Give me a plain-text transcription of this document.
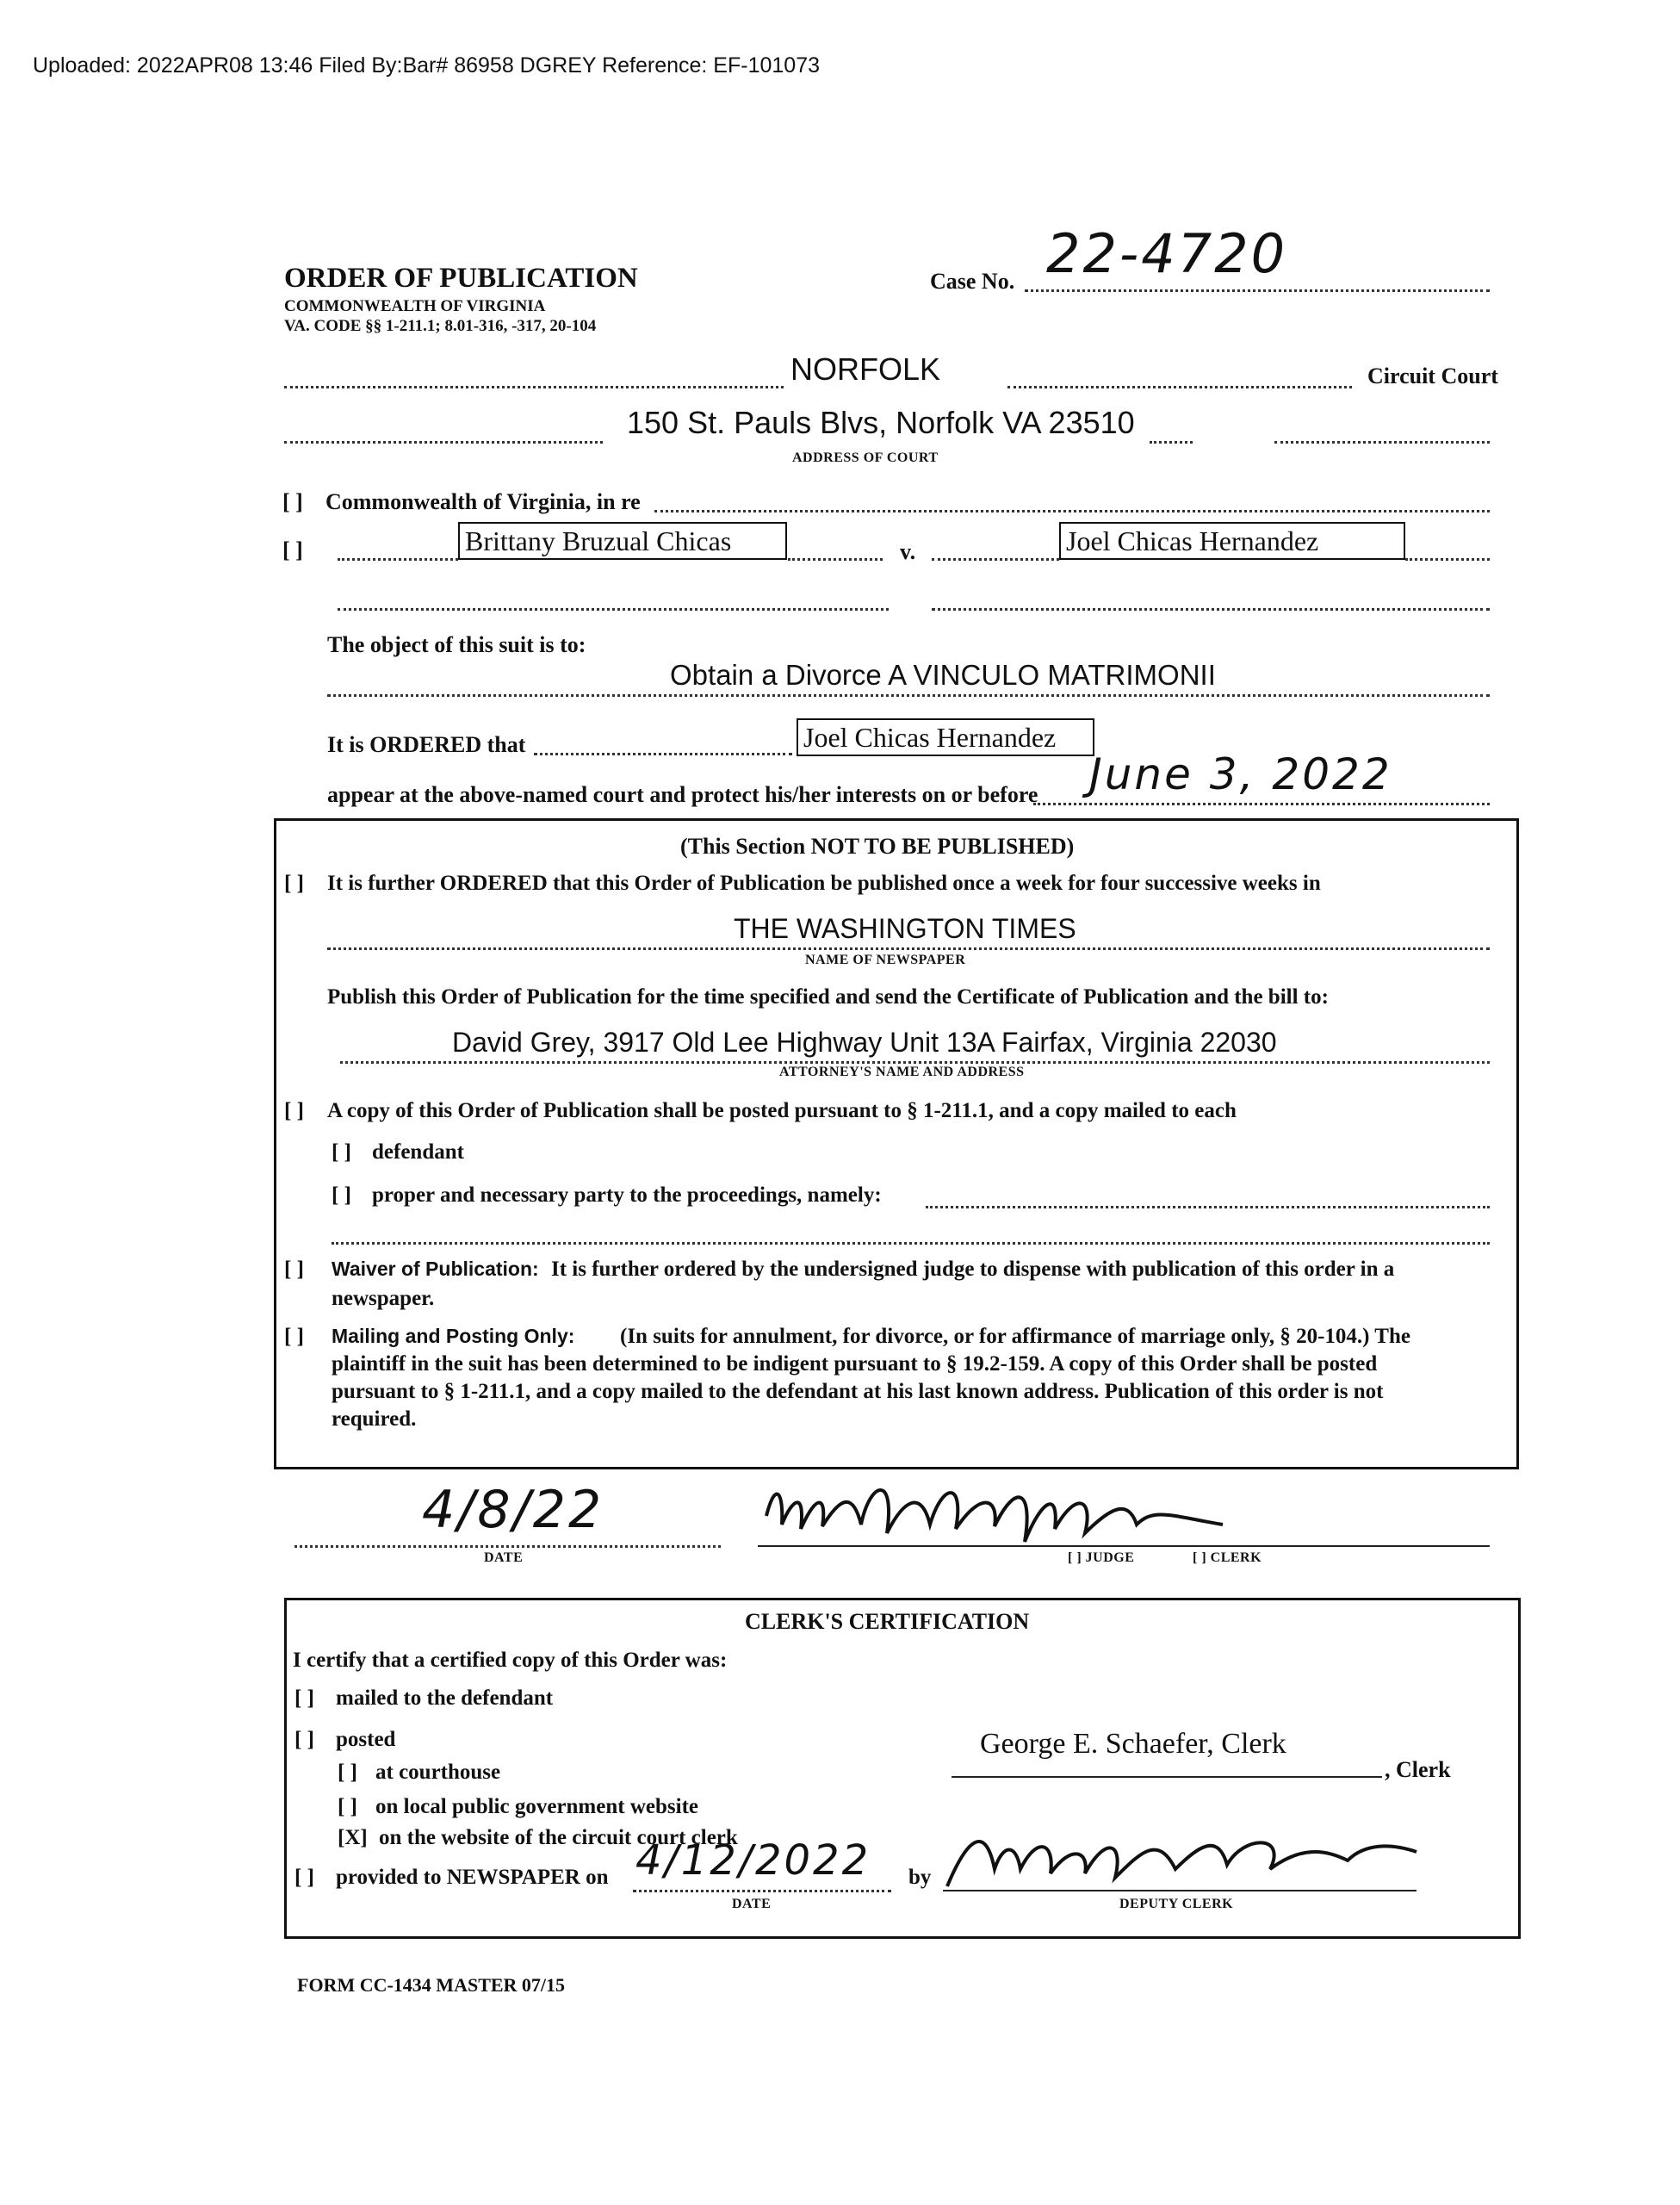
Uploaded: 2022APR08 13:46 Filed By:Bar# 86958 DGREY Reference: EF-101073
ORDER OF PUBLICATION
COMMONWEALTH OF VIRGINIA
VA. CODE §§ 1-211.1; 8.01-316, -317, 20-104
Case No. 22-4720
NORFOLK	Circuit Court
150 St. Pauls Blvs, Norfolk VA 23510
ADDRESS OF COURT
[ ] Commonwealth of Virginia, in re
[ ]	Brittany Bruzual Chicas	v.	Joel Chicas Hernandez
The object of this suit is to:
Obtain a Divorce A VINCULO MATRIMONII
It is ORDERED that	Joel Chicas Hernandez
appear at the above-named court and protect his/her interests on or before June 3, 2022
(This Section NOT TO BE PUBLISHED)
[ ] It is further ORDERED that this Order of Publication be published once a week for four successive weeks in
THE WASHINGTON TIMES
NAME OF NEWSPAPER
Publish this Order of Publication for the time specified and send the Certificate of Publication and the bill to:
David Grey, 3917 Old Lee Highway Unit 13A Fairfax, Virginia 22030
ATTORNEY'S NAME AND ADDRESS
[ ] A copy of this Order of Publication shall be posted pursuant to § 1-211.1, and a copy mailed to each
[ ] defendant
[ ] proper and necessary party to the proceedings, namely:
[ ] Waiver of Publication: It is further ordered by the undersigned judge to dispense with publication of this order in a
newspaper.
[ ] Mailing and Posting Only: (In suits for annulment, for divorce, or for affirmance of marriage only, § 20-104.) The
plaintiff in the suit has been determined to be indigent pursuant to § 19.2-159. A copy of this Order shall be posted
pursuant to § 1-211.1, and a copy mailed to the defendant at his last known address. Publication of this order is not
required.
4/8/22
DATE	[ ] JUDGE	[ ] CLERK
CLERK'S CERTIFICATION
I certify that a certified copy of this Order was:
[ ] mailed to the defendant
[ ] posted
[ ] at courthouse
[ ] on local public government website
[X] on the website of the circuit court clerk
[ ] provided to NEWSPAPER on 4/12/2022
DATE
by
DEPUTY CLERK
George E. Schaefer, Clerk
, Clerk
FORM CC-1434 MASTER 07/15
